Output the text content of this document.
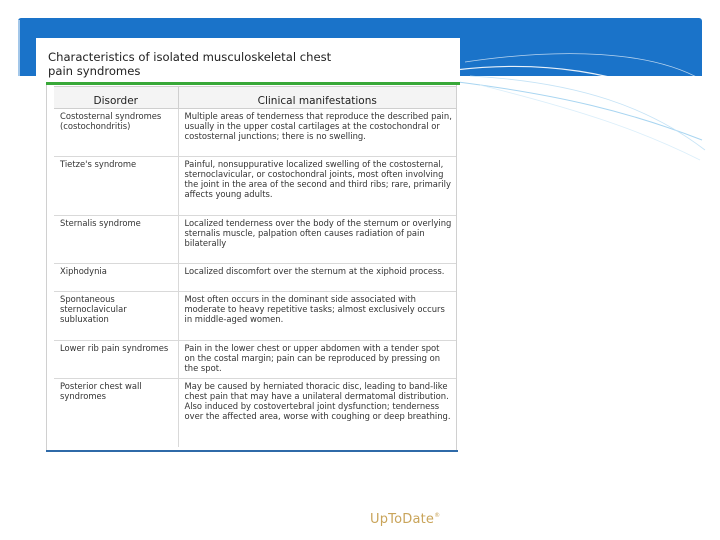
Characteristics of isolated musculoskeletal chest
pain syndromes
Disorder	Clinical manifestations
Costosternal syndromes (costochondritis)	Multiple areas of tenderness that reproduce the described pain, usually in the upper costal cartilages at the costochondral or costosternal junctions; there is no swelling.
Tietze's syndrome	Painful, nonsuppurative localized swelling of the costosternal, sternoclavicular, or costochondral joints, most often involving the joint in the area of the second and third ribs; rare, primarily affects young adults.
Sternalis syndrome	Localized tenderness over the body of the sternum or overlying sternalis muscle, palpation often causes radiation of pain bilaterally
Xiphodynia	Localized discomfort over the sternum at the xiphoid process.
Spontaneous sternoclavicular subluxation	Most often occurs in the dominant side associated with moderate to heavy repetitive tasks; almost exclusively occurs in middle-aged women.
Lower rib pain syndromes	Pain in the lower chest or upper abdomen with a tender spot on the costal margin; pain can be reproduced by pressing on the spot.
Posterior chest wall syndromes	May be caused by herniated thoracic disc, leading to band-like chest pain that may have a unilateral dermatomal distribution. Also induced by costovertebral joint dysfunction; tenderness over the affected area, worse with coughing or deep breathing.
UpToDate®
